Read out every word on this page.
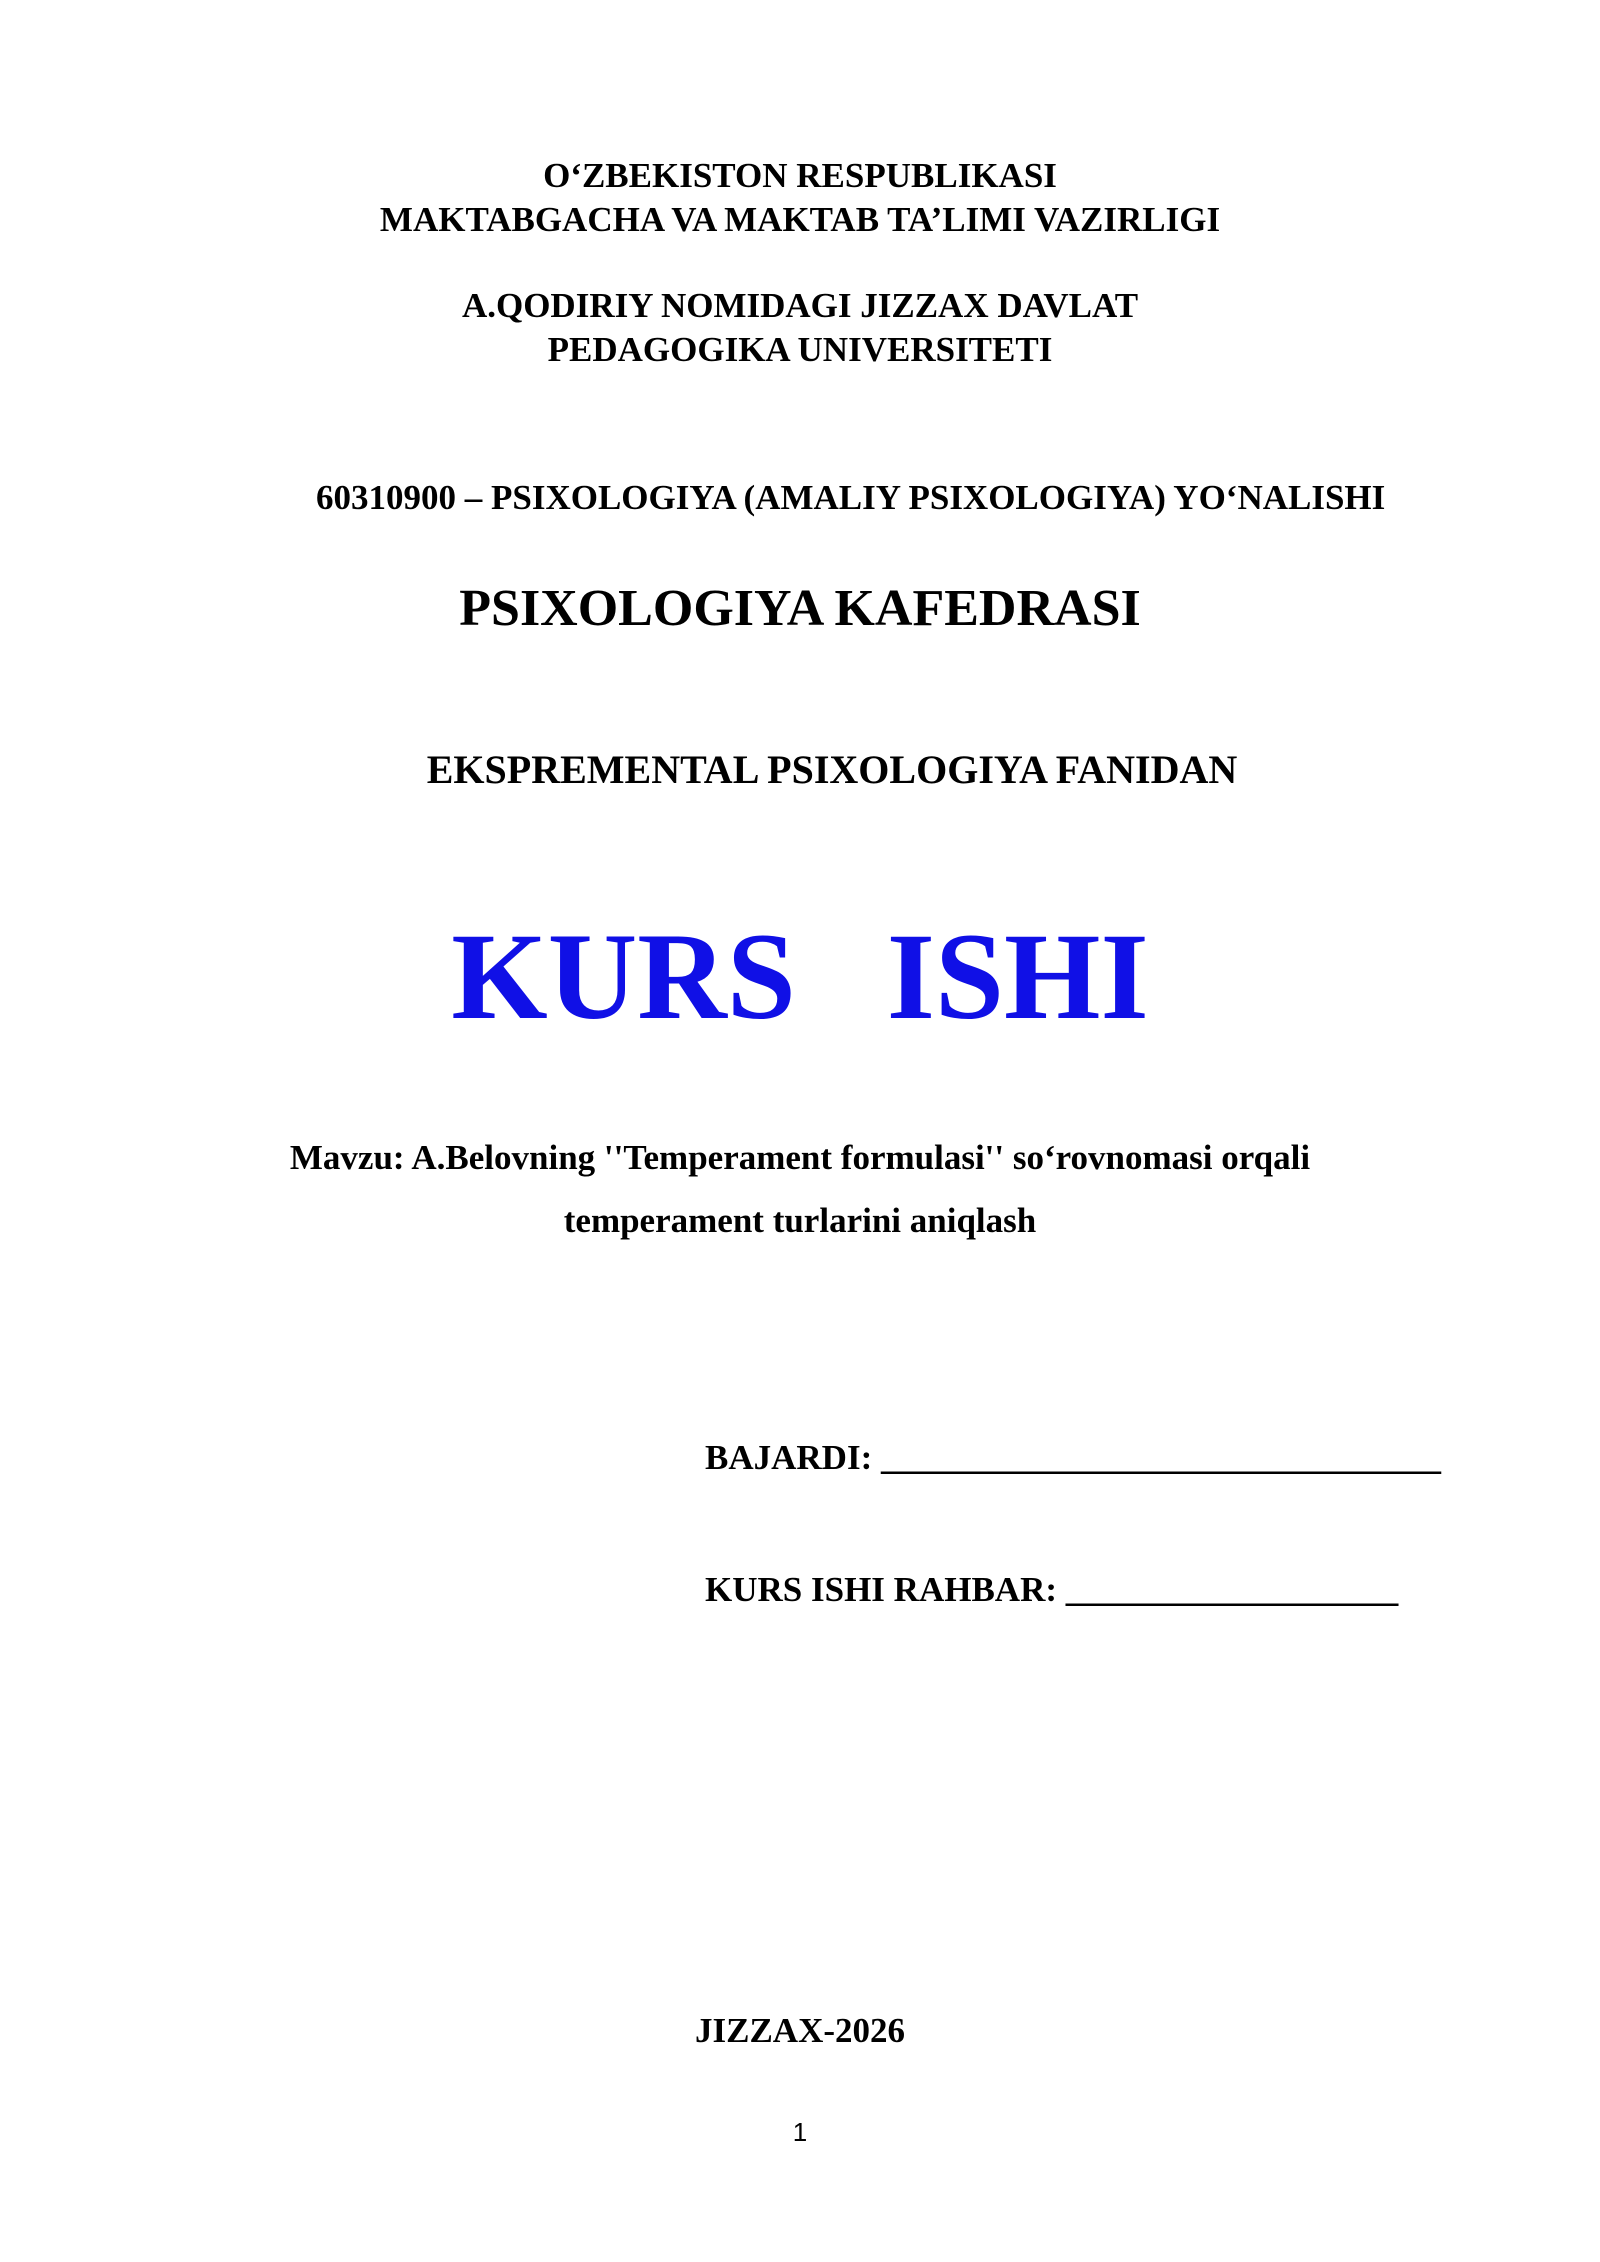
O‘ZBEKISTON RESPUBLIKASI
MAKTABGACHA VA MAKTAB TA’LIMI VAZIRLIGI
A.QODIRIY NOMIDAGI JIZZAX DAVLAT
PEDAGOGIKA UNIVERSITETI
60310900 – PSIXOLOGIYA (AMALIY PSIXOLOGIYA) YO‘NALISHI
PSIXOLOGIYA KAFEDRASI
EKSPREMENTAL PSIXOLOGIYA FANIDAN
KURS ISHI
Mavzu: A.Belovning ''Temperament formulasi'' so‘rovnomasi orqali
temperament turlarini aniqlash
BAJARDI: ________________________________
KURS ISHI RAHBAR: ___________________
JIZZAX-2026
1
